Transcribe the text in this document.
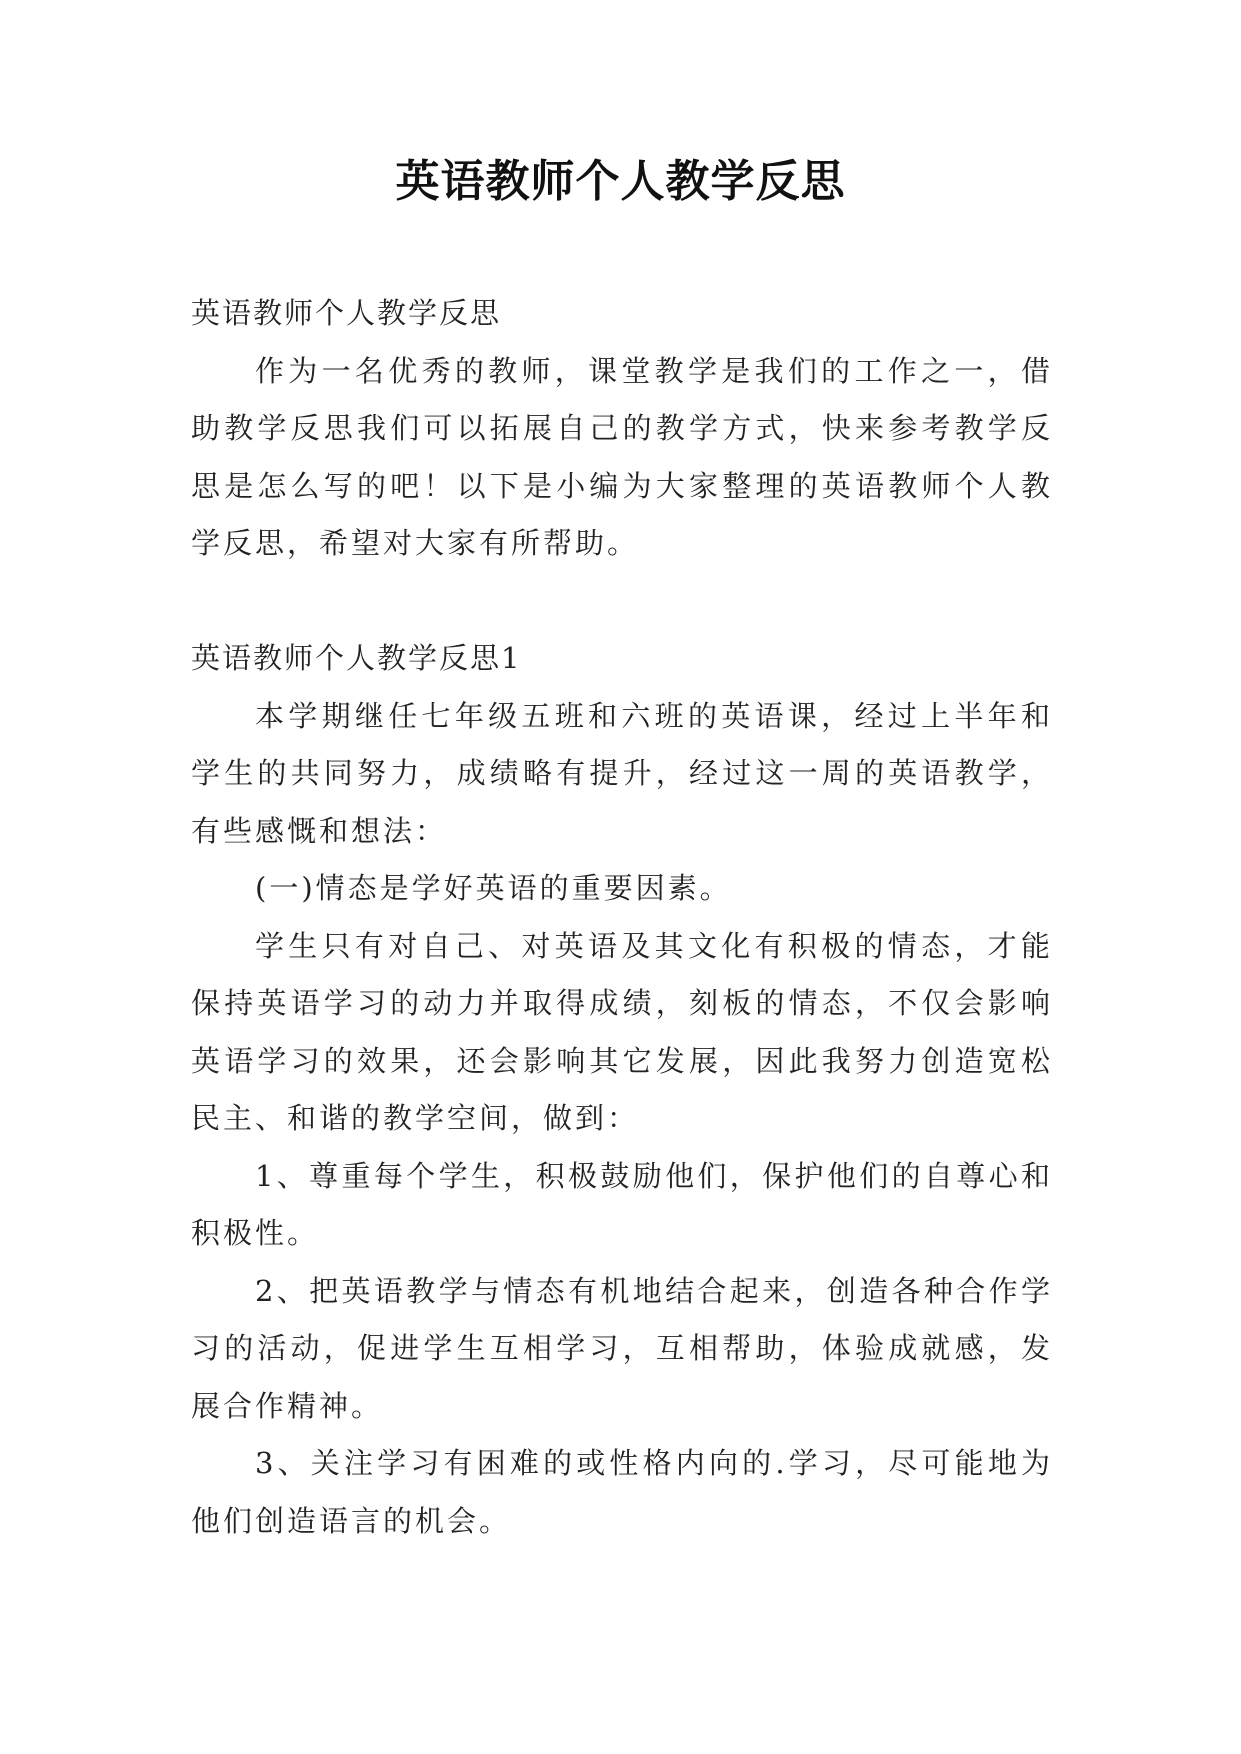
英语教师个人教学反思

英语教师个人教学反思

作为一名优秀的教师，课堂教学是我们的工作之一，借助教学反思我们可以拓展自己的教学方式，快来参考教学反思是怎么写的吧！以下是小编为大家整理的英语教师个人教学反思，希望对大家有所帮助。

英语教师个人教学反思1

本学期继任七年级五班和六班的英语课，经过上半年和学生的共同努力，成绩略有提升，经过这一周的英语教学，有些感慨和想法：

(一)情态是学好英语的重要因素。

学生只有对自己、对英语及其文化有积极的情态，才能保持英语学习的动力并取得成绩，刻板的情态，不仅会影响英语学习的效果，还会影响其它发展，因此我努力创造宽松民主、和谐的教学空间，做到：

1、尊重每个学生，积极鼓励他们，保护他们的自尊心和积极性。

2、把英语教学与情态有机地结合起来，创造各种合作学习的活动，促进学生互相学习，互相帮助，体验成就感，发展合作精神。

3、关注学习有困难的或性格内向的.学习，尽可能地为他们创造语言的机会。
